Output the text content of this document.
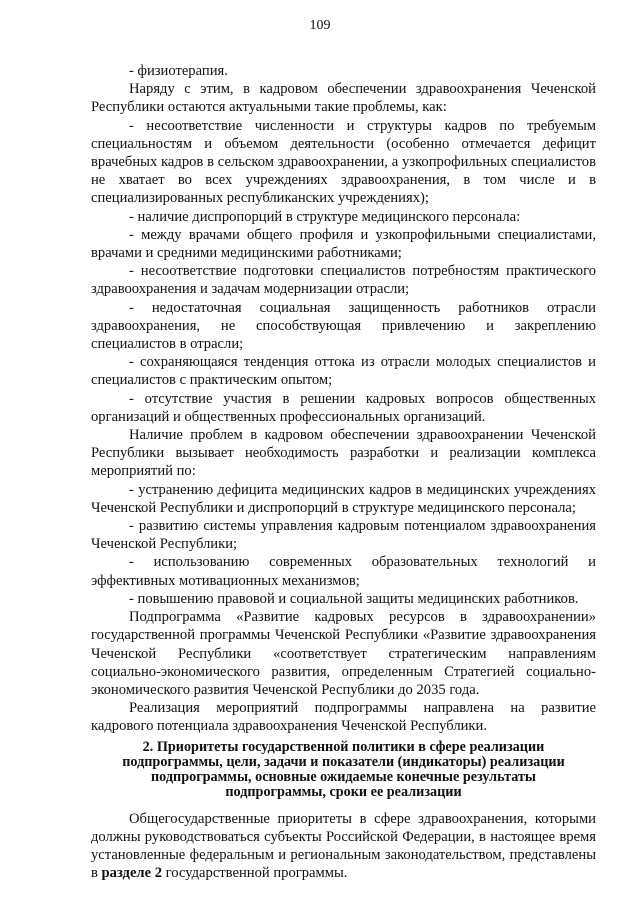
109

- физиотерапия.

Наряду с этим, в кадровом обеспечении здравоохранения Чеченской Республики остаются актуальными такие проблемы, как:

- несоответствие численности и структуры кадров по требуемым специальностям и объемом деятельности (особенно отмечается дефицит врачебных кадров в сельском здравоохранении, а узкопрофильных специалистов не хватает во всех учреждениях здравоохранения, в том числе и в специализированных республиканских учреждениях);

- наличие диспропорций в структуре медицинского персонала:

- между врачами общего профиля и узкопрофильными специалистами, врачами и средними медицинскими работниками;

- несоответствие подготовки специалистов потребностям практического здравоохранения и задачам модернизации отрасли;

- недостаточная социальная защищенность работников отрасли здравоохранения, не способствующая привлечению и закреплению специалистов в отрасли;

- сохраняющаяся тенденция оттока из отрасли молодых специалистов и специалистов с практическим опытом;

- отсутствие участия в решении кадровых вопросов общественных организаций и общественных профессиональных организаций.

Наличие проблем в кадровом обеспечении здравоохранении Чеченской Республики вызывает необходимость разработки и реализации комплекса мероприятий по:

- устранению дефицита медицинских кадров в медицинских учреждениях Чеченской Республики и диспропорций в структуре медицинского персонала;

- развитию системы управления кадровым потенциалом здравоохранения Чеченской Республики;

- использованию современных образовательных технологий и эффективных мотивационных механизмов;

- повышению правовой и социальной защиты медицинских работников.

Подпрограмма «Развитие кадровых ресурсов в здравоохранении» государственной программы Чеченской Республики «Развитие здравоохранения Чеченской Республики «соответствует стратегическим направлениям социально-экономического развития, определенным Стратегией социально-экономического развития Чеченской Республики до 2035 года.

Реализация мероприятий подпрограммы направлена на развитие кадрового потенциала здравоохранения Чеченской Республики.

2. Приоритеты государственной политики в сфере реализации
подпрограммы, цели, задачи и показатели (индикаторы) реализации
подпрограммы, основные ожидаемые конечные результаты
подпрограммы, сроки ее реализации

Общегосударственные приоритеты в сфере здравоохранения, которыми должны руководствоваться субъекты Российской Федерации, в настоящее время установленные федеральным и региональным законодательством, представлены в разделе 2 государственной программы.
